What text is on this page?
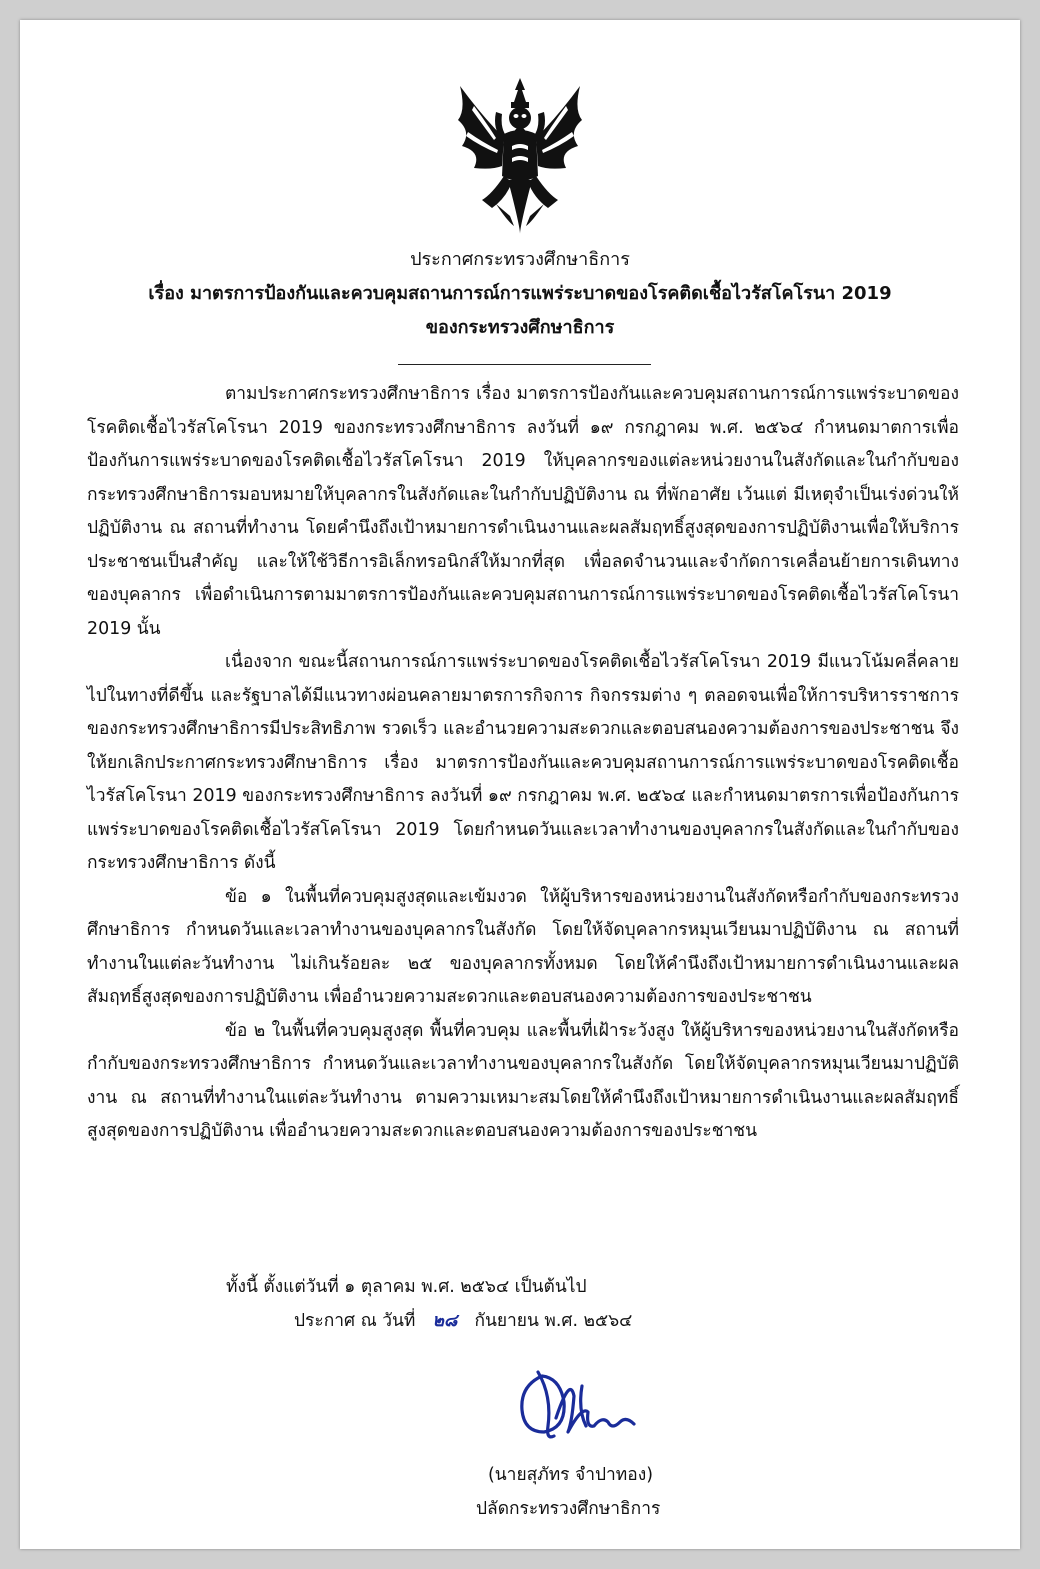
ประกาศกระทรวงศึกษาธิการ
เรื่อง มาตรการป้องกันและควบคุมสถานการณ์การแพร่ระบาดของโรคติดเชื้อไวรัสโคโรนา 2019
ของกระทรวงศึกษาธิการ

ตามประกาศกระทรวงศึกษาธิการ เรื่อง มาตรการป้องกันและควบคุมสถานการณ์การแพร่ระบาดของโรคติดเชื้อไวรัสโคโรนา 2019 ของกระทรวงศึกษาธิการ ลงวันที่ ๑๙ กรกฎาคม พ.ศ. ๒๕๖๔ กำหนดมาตการเพื่อป้องกันการแพร่ระบาดของโรคติดเชื้อไวรัสโคโรนา 2019 ให้บุคลากรของแต่ละหน่วยงานในสังกัดและในกำกับของกระทรวงศึกษาธิการมอบหมายให้บุคลากรในสังกัดและในกำกับปฏิบัติงาน ณ ที่พักอาศัย เว้นแต่ มีเหตุจำเป็นเร่งด่วนให้ปฏิบัติงาน ณ สถานที่ทำงาน โดยคำนึงถึงเป้าหมายการดำเนินงานและผลสัมฤทธิ์สูงสุดของการปฏิบัติงานเพื่อให้บริการประชาชนเป็นสำคัญ และให้ใช้วิธีการอิเล็กทรอนิกส์ให้มากที่สุด เพื่อลดจำนวนและจำกัดการเคลื่อนย้ายการเดินทางของบุคลากร เพื่อดำเนินการตามมาตรการป้องกันและควบคุมสถานการณ์การแพร่ระบาดของโรคติดเชื้อไวรัสโคโรนา 2019 นั้น

เนื่องจาก ขณะนี้สถานการณ์การแพร่ระบาดของโรคติดเชื้อไวรัสโคโรนา 2019 มีแนวโน้มคลี่คลายไปในทางที่ดีขึ้น และรัฐบาลได้มีแนวทางผ่อนคลายมาตรการกิจการ กิจกรรมต่าง ๆ ตลอดจนเพื่อให้การบริหารราชการของกระทรวงศึกษาธิการมีประสิทธิภาพ รวดเร็ว และอำนวยความสะดวกและตอบสนองความต้องการของประชาชน จึงให้ยกเลิกประกาศกระทรวงศึกษาธิการ เรื่อง มาตรการป้องกันและควบคุมสถานการณ์การแพร่ระบาดของโรคติดเชื้อไวรัสโคโรนา 2019 ของกระทรวงศึกษาธิการ ลงวันที่ ๑๙ กรกฎาคม พ.ศ. ๒๕๖๔ และกำหนดมาตรการเพื่อป้องกันการแพร่ระบาดของโรคติดเชื้อไวรัสโคโรนา 2019 โดยกำหนดวันและเวลาทำงานของบุคลากรในสังกัดและในกำกับของกระทรวงศึกษาธิการ ดังนี้

ข้อ ๑ ในพื้นที่ควบคุมสูงสุดและเข้มงวด ให้ผู้บริหารของหน่วยงานในสังกัดหรือกำกับของกระทรวงศึกษาธิการ กำหนดวันและเวลาทำงานของบุคลากรในสังกัด โดยให้จัดบุคลากรหมุนเวียนมาปฏิบัติงาน ณ สถานที่ทำงานในแต่ละวันทำงาน ไม่เกินร้อยละ ๒๕ ของบุคลากรทั้งหมด โดยให้คำนึงถึงเป้าหมายการดำเนินงานและผลสัมฤทธิ์สูงสุดของการปฏิบัติงาน เพื่ออำนวยความสะดวกและตอบสนองความต้องการของประชาชน

ข้อ ๒ ในพื้นที่ควบคุมสูงสุด พื้นที่ควบคุม และพื้นที่เฝ้าระวังสูง ให้ผู้บริหารของหน่วยงานในสังกัดหรือกำกับของกระทรวงศึกษาธิการ กำหนดวันและเวลาทำงานของบุคลากรในสังกัด โดยให้จัดบุคลากรหมุนเวียนมาปฏิบัติงาน ณ สถานที่ทำงานในแต่ละวันทำงาน ตามความเหมาะสมโดยให้คำนึงถึงเป้าหมายการดำเนินงานและผลสัมฤทธิ์สูงสุดของการปฏิบัติงาน เพื่ออำนวยความสะดวกและตอบสนองความต้องการของประชาชน

ทั้งนี้ ตั้งแต่วันที่ ๑ ตุลาคม พ.ศ. ๒๕๖๔ เป็นต้นไป
ประกาศ ณ วันที่ ๒๘ กันยายน พ.ศ. ๒๕๖๔
(นายสุภัทร จำปาทอง)
ปลัดกระทรวงศึกษาธิการ
